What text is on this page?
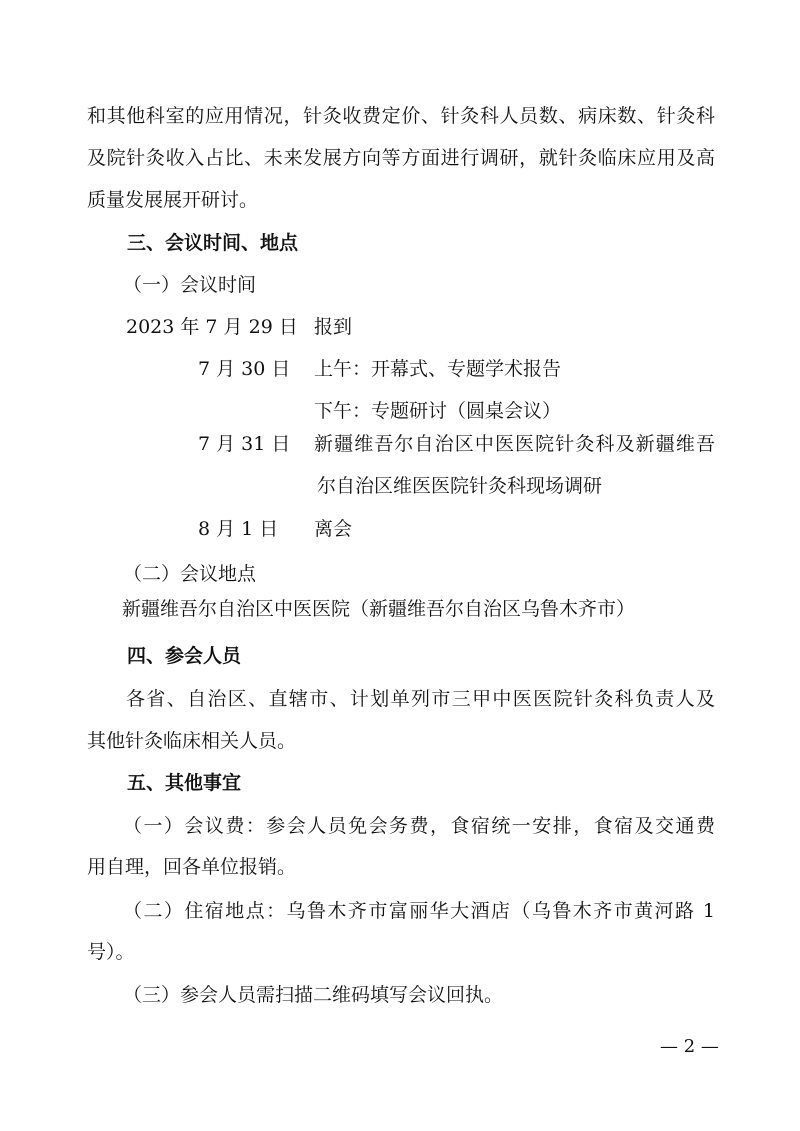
和其他科室的应用情况，针灸收费定价、针灸科人员数、病床数、针灸科
及院针灸收入占比、未来发展方向等方面进行调研，就针灸临床应用及高
质量发展展开研讨。
三、会议时间、地点
（一）会议时间
2023 年 7 月 29 日 报到
7 月 30 日 上午：开幕式、专题学术报告
下午：专题研讨（圆桌会议）
7 月 31 日 新疆维吾尔自治区中医医院针灸科及新疆维吾
尔自治区维医医院针灸科现场调研
8 月 1 日 离会
（二）会议地点
新疆维吾尔自治区中医医院（新疆维吾尔自治区乌鲁木齐市）
四、参会人员
各省、自治区、直辖市、计划单列市三甲中医医院针灸科负责人及
其他针灸临床相关人员。
五、其他事宜
（一）会议费：参会人员免会务费，食宿统一安排，食宿及交通费
用自理，回各单位报销。
（二）住宿地点：乌鲁木齐市富丽华大酒店（乌鲁木齐市黄河路 1
号）。
（三）参会人员需扫描二维码填写会议回执。
— 2 —
